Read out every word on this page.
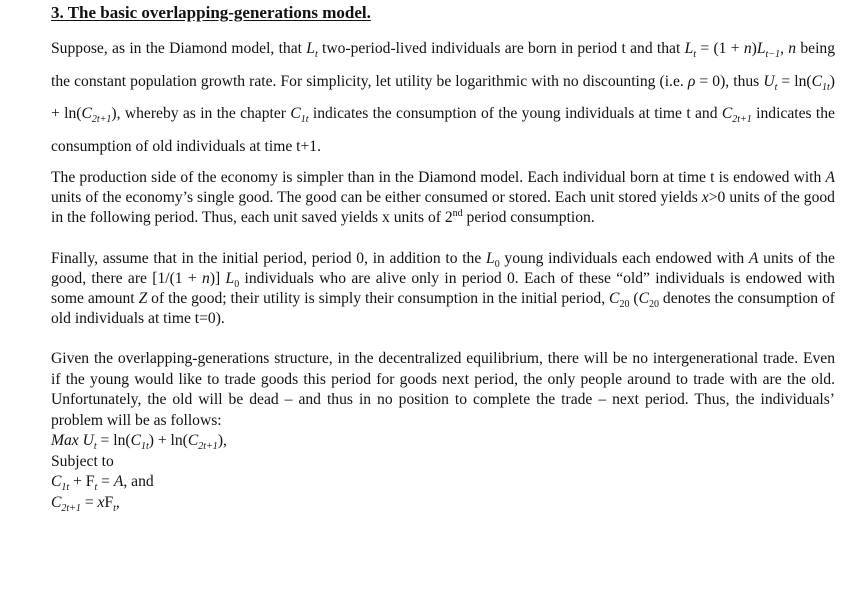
3. The basic overlapping-generations model.

Suppose, as in the Diamond model, that $L_t$ two-period-lived individuals are born in period t and that $L_t = (1 + n)L_{t-1}$, n being the constant population growth rate. For simplicity, let utility be logarithmic with no discounting (i.e. ρ = 0), thus $U_t = \ln(C_{1t}) + \ln(C_{2t+1})$, whereby as in the chapter $C_{1t}$ indicates the consumption of the young individuals at time t and $C_{2t+1}$ indicates the consumption of old individuals at time t+1.

The production side of the economy is simpler than in the Diamond model. Each individual born at time t is endowed with A units of the economy’s single good. The good can be either consumed or stored. Each unit stored yields x>0 units of the good in the following period. Thus, each unit saved yields x units of 2nd period consumption.

Finally, assume that in the initial period, period 0, in addition to the $L_0$ young individuals each endowed with A units of the good, there are [1/(1 + n)] $L_0$ individuals who are alive only in period 0. Each of these “old” individuals is endowed with some amount Z of the good; their utility is simply their consumption in the initial period, $C_{20}$ ($C_{20}$ denotes the consumption of old individuals at time t=0).

Given the overlapping-generations structure, in the decentralized equilibrium, there will be no intergenerational trade. Even if the young would like to trade goods this period for goods next period, the only people around to trade with are the old. Unfortunately, the old will be dead – and thus in no position to complete the trade – next period. Thus, the individuals’ problem will be as follows:

Max $U_t = \ln(C_{1t}) + \ln(C_{2t+1})$,
Subject to
$C_{1t} + F_t = A$, and
$C_{2t+1} = xF_t$,
